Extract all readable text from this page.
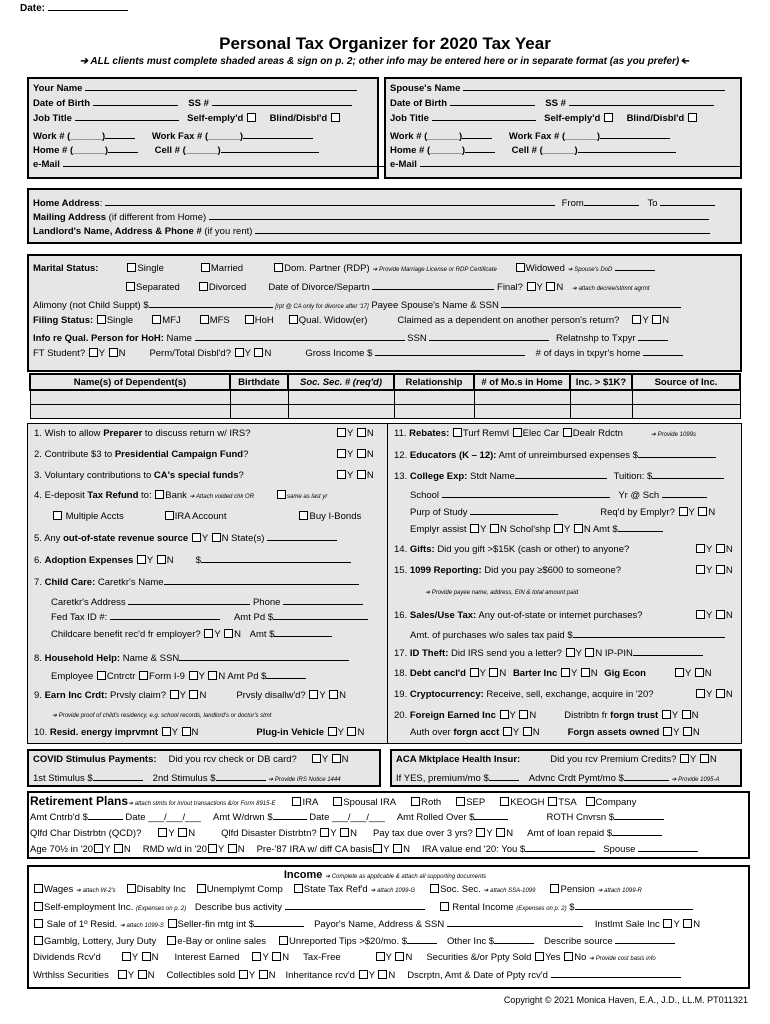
Date:
Personal Tax Organizer for 2020 Tax Year
➔ ALL clients must complete shaded areas & sign on p. 2; other info may be entered here or in separate format (as you prefer) ➔
Your Name
Date of Birth	SS #
Job Title	Self-emply'd	Blind/Disbl'd
Work # (______)	Work Fax # (______)
Home # (______)	Cell # (______)
e-Mail
Spouse's Name
Date of Birth	SS #
Job Title	Self-emply'd	Blind/Disbl'd
Work # (______)	Work Fax # (______)
Home # (______)	Cell # (______)
e-Mail
Home Address:	From	To
Mailing Address (if different from Home)
Landlord's Name, Address & Phone # (if you rent)
Marital Status:	Single	Married	Dom. Partner (RDP) ➔ Provide Marriage License or RDP Certificate	Widowed ➔ Spouse's DoD
Separated	Divorced Date of Divorce/Separtn	Final? Y N ➔ attach decree/stlmnt agrmt
Alimony (not Child Suppt) $	[rpt @ CA only for divorce after '17] Payee Spouse's Name & SSN
Filing Status: Single	MFJ	MFS	HoH	Qual. Widow(er)	Claimed as a dependent on another person's return? Y N
Info re Qual. Person for HoH: Name	SSN	Relatnshp to Txpyr
FT Student? Y N	Perm/Total Disbl'd? Y N	Gross Income $	# of days in txpyr's home
Name(s) of Dependent(s)	Birthdate	Soc. Sec. # (req'd)	Relationship	# of Mo.s in Home	Inc. > $1K?	Source of Inc.

1. Wish to allow Preparer to discuss return w/ IRS?	Y N
2. Contribute $3 to Presidential Campaign Fund?	Y N
3. Voluntary contributions to CA's special funds?	Y N
4. E-deposit Tax Refund to: Bank ➔ Attach voided chk OR	same as last yr
Multiple Accts	IRA Account	Buy I-Bonds
5. Any out-of-state revenue source Y N State(s)
6. Adoption Expenses Y N $
7. Child Care: Caretkr's Name
Caretkr's Address	Phone
Fed Tax ID #:	Amt Pd $
Childcare benefit rec'd fr employer? Y N Amt $
8. Household Help: Name & SSN
Employee Cntrctr Form I-9 Y N Amt Pd $
9. Earn Inc Crdt: Prvsly claim? Y N	Prvsly disallw'd? Y N
➔ Provide proof of child's residency, e.g. school records, landlord's or doctor's stmt
10. Resid. energy imprvmnt Y N	Plug-in Vehicle Y N
11. Rebates: Turf Remvl Elec Car Dealr Rdctn	➔ Provide 1099s
12. Educators (K – 12): Amt of unreimbursed expenses $
13. College Exp: Stdt Name	Tuition: $
School	Yr @ Sch
Purp of Study	Req'd by Emplyr? Y N
Emplyr assist Y N Schol'shp Y N Amt $
14. Gifts: Did you gift >$15K (cash or other) to anyone?	Y N
15. 1099 Reporting: Did you pay ≥$600 to someone?	Y N
➔ Provide payee name, address, EIN & total amount paid
16. Sales/Use Tax: Any out-of-state or internet purchases?	Y N
Amt. of purchases w/o sales tax paid $
17. ID Theft: Did IRS send you a letter? Y N IP-PIN
18. Debt cancl'd Y N Barter Inc Y N Gig Econ	Y N
19. Cryptocurrency: Receive, sell, exchange, acquire in '20?	Y N
20. Foreign Earned Inc Y N	Distribtn fr forgn trust Y N
Auth over forgn acct Y N	Forgn assets owned Y N
COVID Stimulus Payments: Did you rcv check or DB card?	Y N
1st Stimulus $	2nd Stimulus $	➔ Provide IRS Notice 1444
ACA Mktplace Health Insur:	Did you rcv Premium Credits? Y N
If YES, premium/mo $	Advnc Crdt Pymt/mo $	➔ Provide 1095-A
Retirement Plans➔ attach stmts for in/out transactions &/or Form 8915-E	IRA	Spousal IRA	Roth	SEP	KEOGH TSA Company
Amt Cntrb'd $	Date ___/___/___ Amt W/drwn $	Date ___/___/___ Amt Rolled Over $	ROTH Cnvrsn $
Qlfd Char Distrbtn (QCD)?	Y N	Qlfd Disaster Distrbtn? Y N Pay tax due over 3 yrs? Y N Amt of loan repaid $
Age 70½ in '20 Y N RMD w/d in '20 Y N Pre-'87 IRA w/ diff CA basis Y N IRA value end '20: You $	Spouse
Income ➔ Complete as applicable & attach all supporting documents
Wages ➔ attach W-2's Disablty Inc Unemplymt Comp State Tax Ref'd ➔ attach 1099-G	Soc. Sec. ➔ attach SSA-1099	Pension ➔ attach 1099-R
Self-employment Inc. (Expenses on p. 2) Describe bus activity	Rental Income (Expenses on p. 2) $
Sale of 1º Resid. ➔ attach 1099-S Seller-fin mtg int $	Payor's Name, Address & SSN	Instlmt Sale Inc Y N
Gamblg, Lottery, Jury Duty e-Bay or online sales Unreported Tips >$20/mo. $	Other Inc $	Describe source
Dividends Rcv'd	Y N Interest Earned Y N Tax-Free	Y N Securities &/or Ppty Sold Yes No ➔ Provide cost basis info
Wrthlss Securities Y N Collectibles sold Y N Inheritance rcv'd Y N Dscrptn, Amt & Date of Ppty rcv'd
Copyright © 2021 Monica Haven, E.A., J.D., LL.M. PT011321
